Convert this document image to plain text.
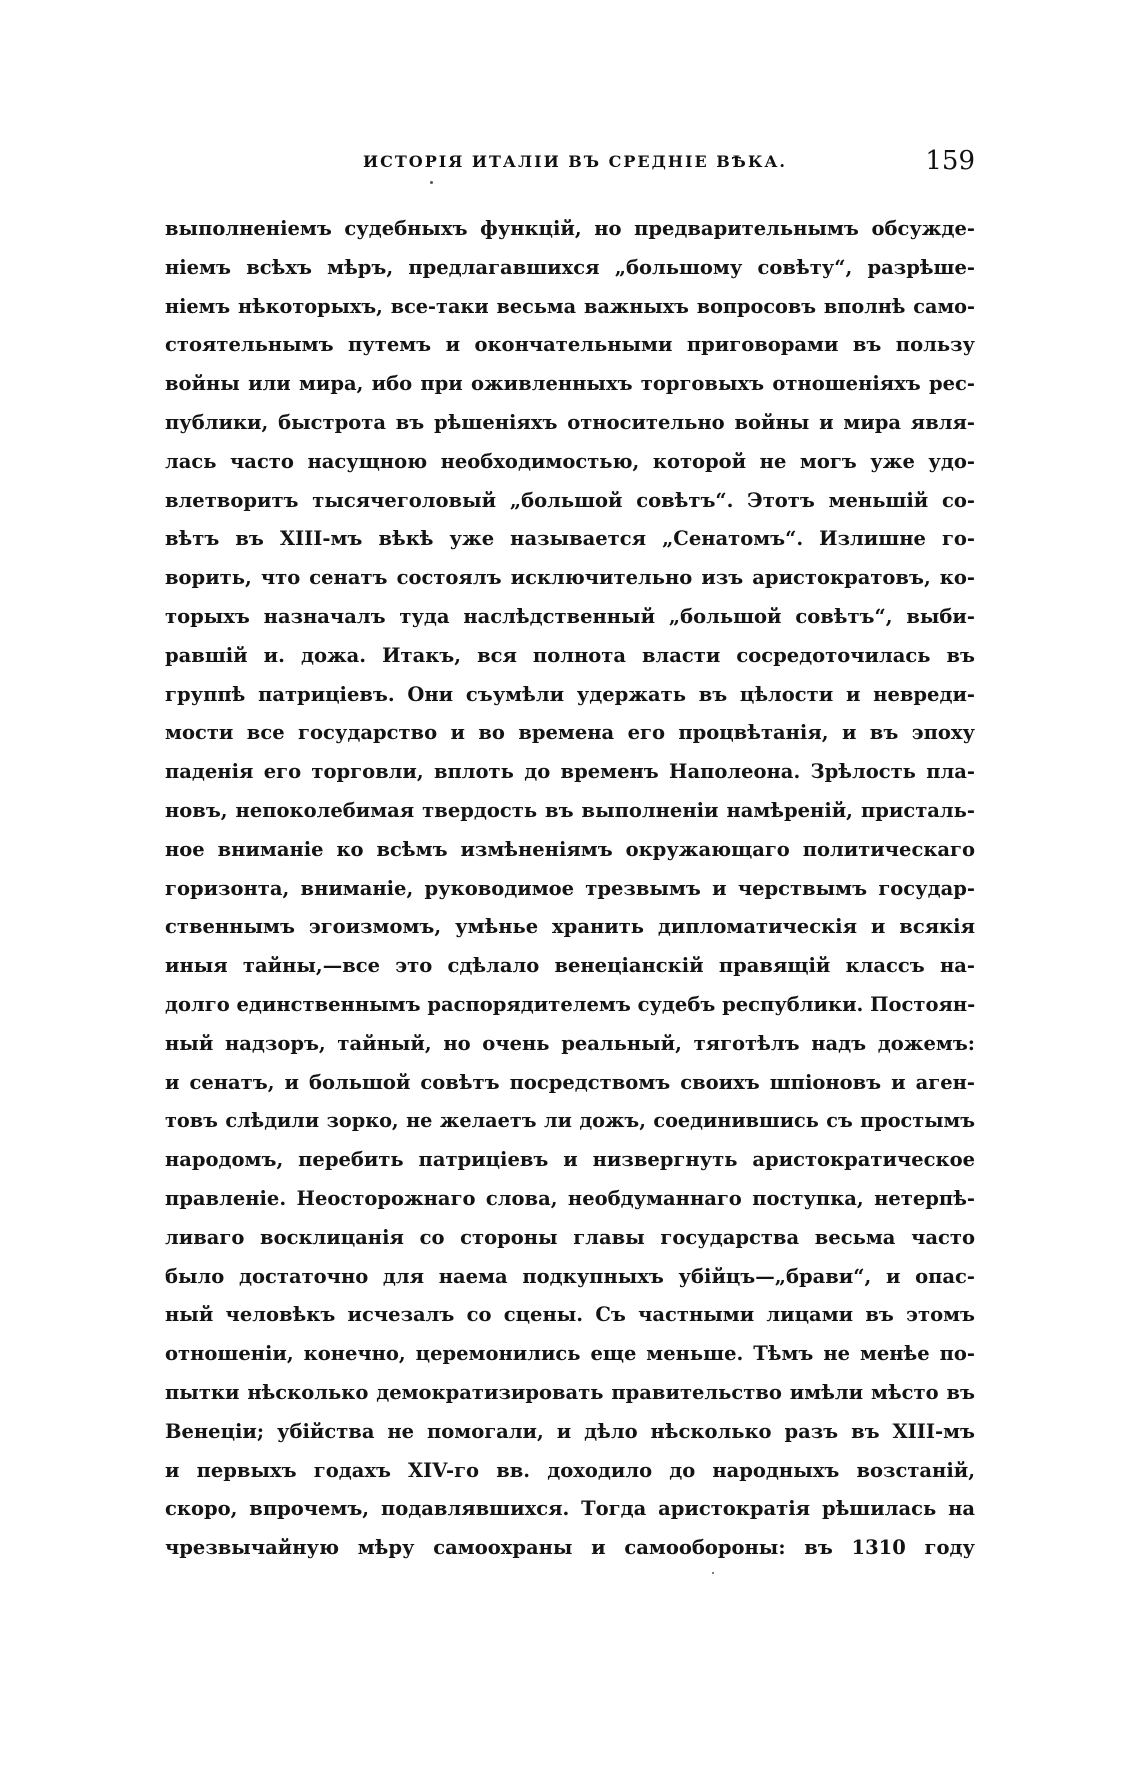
ИСТОРІЯ ИТАЛІИ ВЪ СРЕДНІЕ ВѢКА.	159
выполненіемъ судебныхъ функцій, но предварительнымъ обсужде-
ніемъ всѣхъ мѣръ, предлагавшихся „большому совѣту“, разрѣше-
ніемъ нѣкоторыхъ, все-таки весьма важныхъ вопросовъ вполнѣ само-
стоятельнымъ путемъ и окончательными приговорами въ пользу
войны или мира, ибо при оживленныхъ торговыхъ отношеніяхъ рес-
публики, быстрота въ рѣшеніяхъ относительно войны и мира явля-
лась часто насущною необходимостью, которой не могъ уже удо-
влетворитъ тысячеголовый „большой совѣтъ“. Этотъ меньшій со-
вѣтъ въ XIII-мъ вѣкѣ уже называется „Сенатомъ“. Излишне го-
ворить, что сенатъ состоялъ исключительно изъ аристократовъ, ко-
торыхъ назначалъ туда наслѣдственный „большой совѣтъ“, выби-
равшій и. дожа. Итакъ, вся полнота власти сосредоточилась въ
группѣ патриціевъ. Они съумѣли удержать въ цѣлости и невреди-
мости все государство и во времена его процвѣтанія, и въ эпоху
паденія его торговли, вплоть до временъ Наполеона. Зрѣлость пла-
новъ, непоколебимая твердость въ выполненіи намѣреній, присталь-
ное вниманіе ко всѣмъ измѣненіямъ окружающаго политическаго
горизонта, вниманіе, руководимое трезвымъ и черствымъ государ-
ственнымъ эгоизмомъ, умѣнье хранить дипломатическія и всякія
иныя тайны,—все это сдѣлало венеціанскій правящій классъ на-
долго единственнымъ распорядителемъ судебъ республики. Постоян-
ный надзоръ, тайный, но очень реальный, тяготѣлъ надъ дожемъ:
и сенатъ, и большой совѣтъ посредствомъ своихъ шпіоновъ и аген-
товъ слѣдили зорко, не желаетъ ли дожъ, соединившись съ простымъ
народомъ, перебить патриціевъ и низвергнуть аристократическое
правленіе. Неосторожнаго слова, необдуманнаго поступка, нетерпѣ-
ливаго восклицанія со стороны главы государства весьма часто
было достаточно для наема подкупныхъ убійцъ—„брави“, и опас-
ный человѣкъ исчезалъ со сцены. Съ частными лицами въ этомъ
отношеніи, конечно, церемонились еще меньше. Тѣмъ не менѣе по-
пытки нѣсколько демократизировать правительство имѣли мѣсто въ
Венеціи; убійства не помогали, и дѣло нѣсколько разъ въ XIII-мъ
и первыхъ годахъ XIV-го вв. доходило до народныхъ возстаній,
скоро, впрочемъ, подавлявшихся. Тогда аристократія рѣшилась на
чрезвычайную мѣру самоохраны и самообороны: въ 1310 году
